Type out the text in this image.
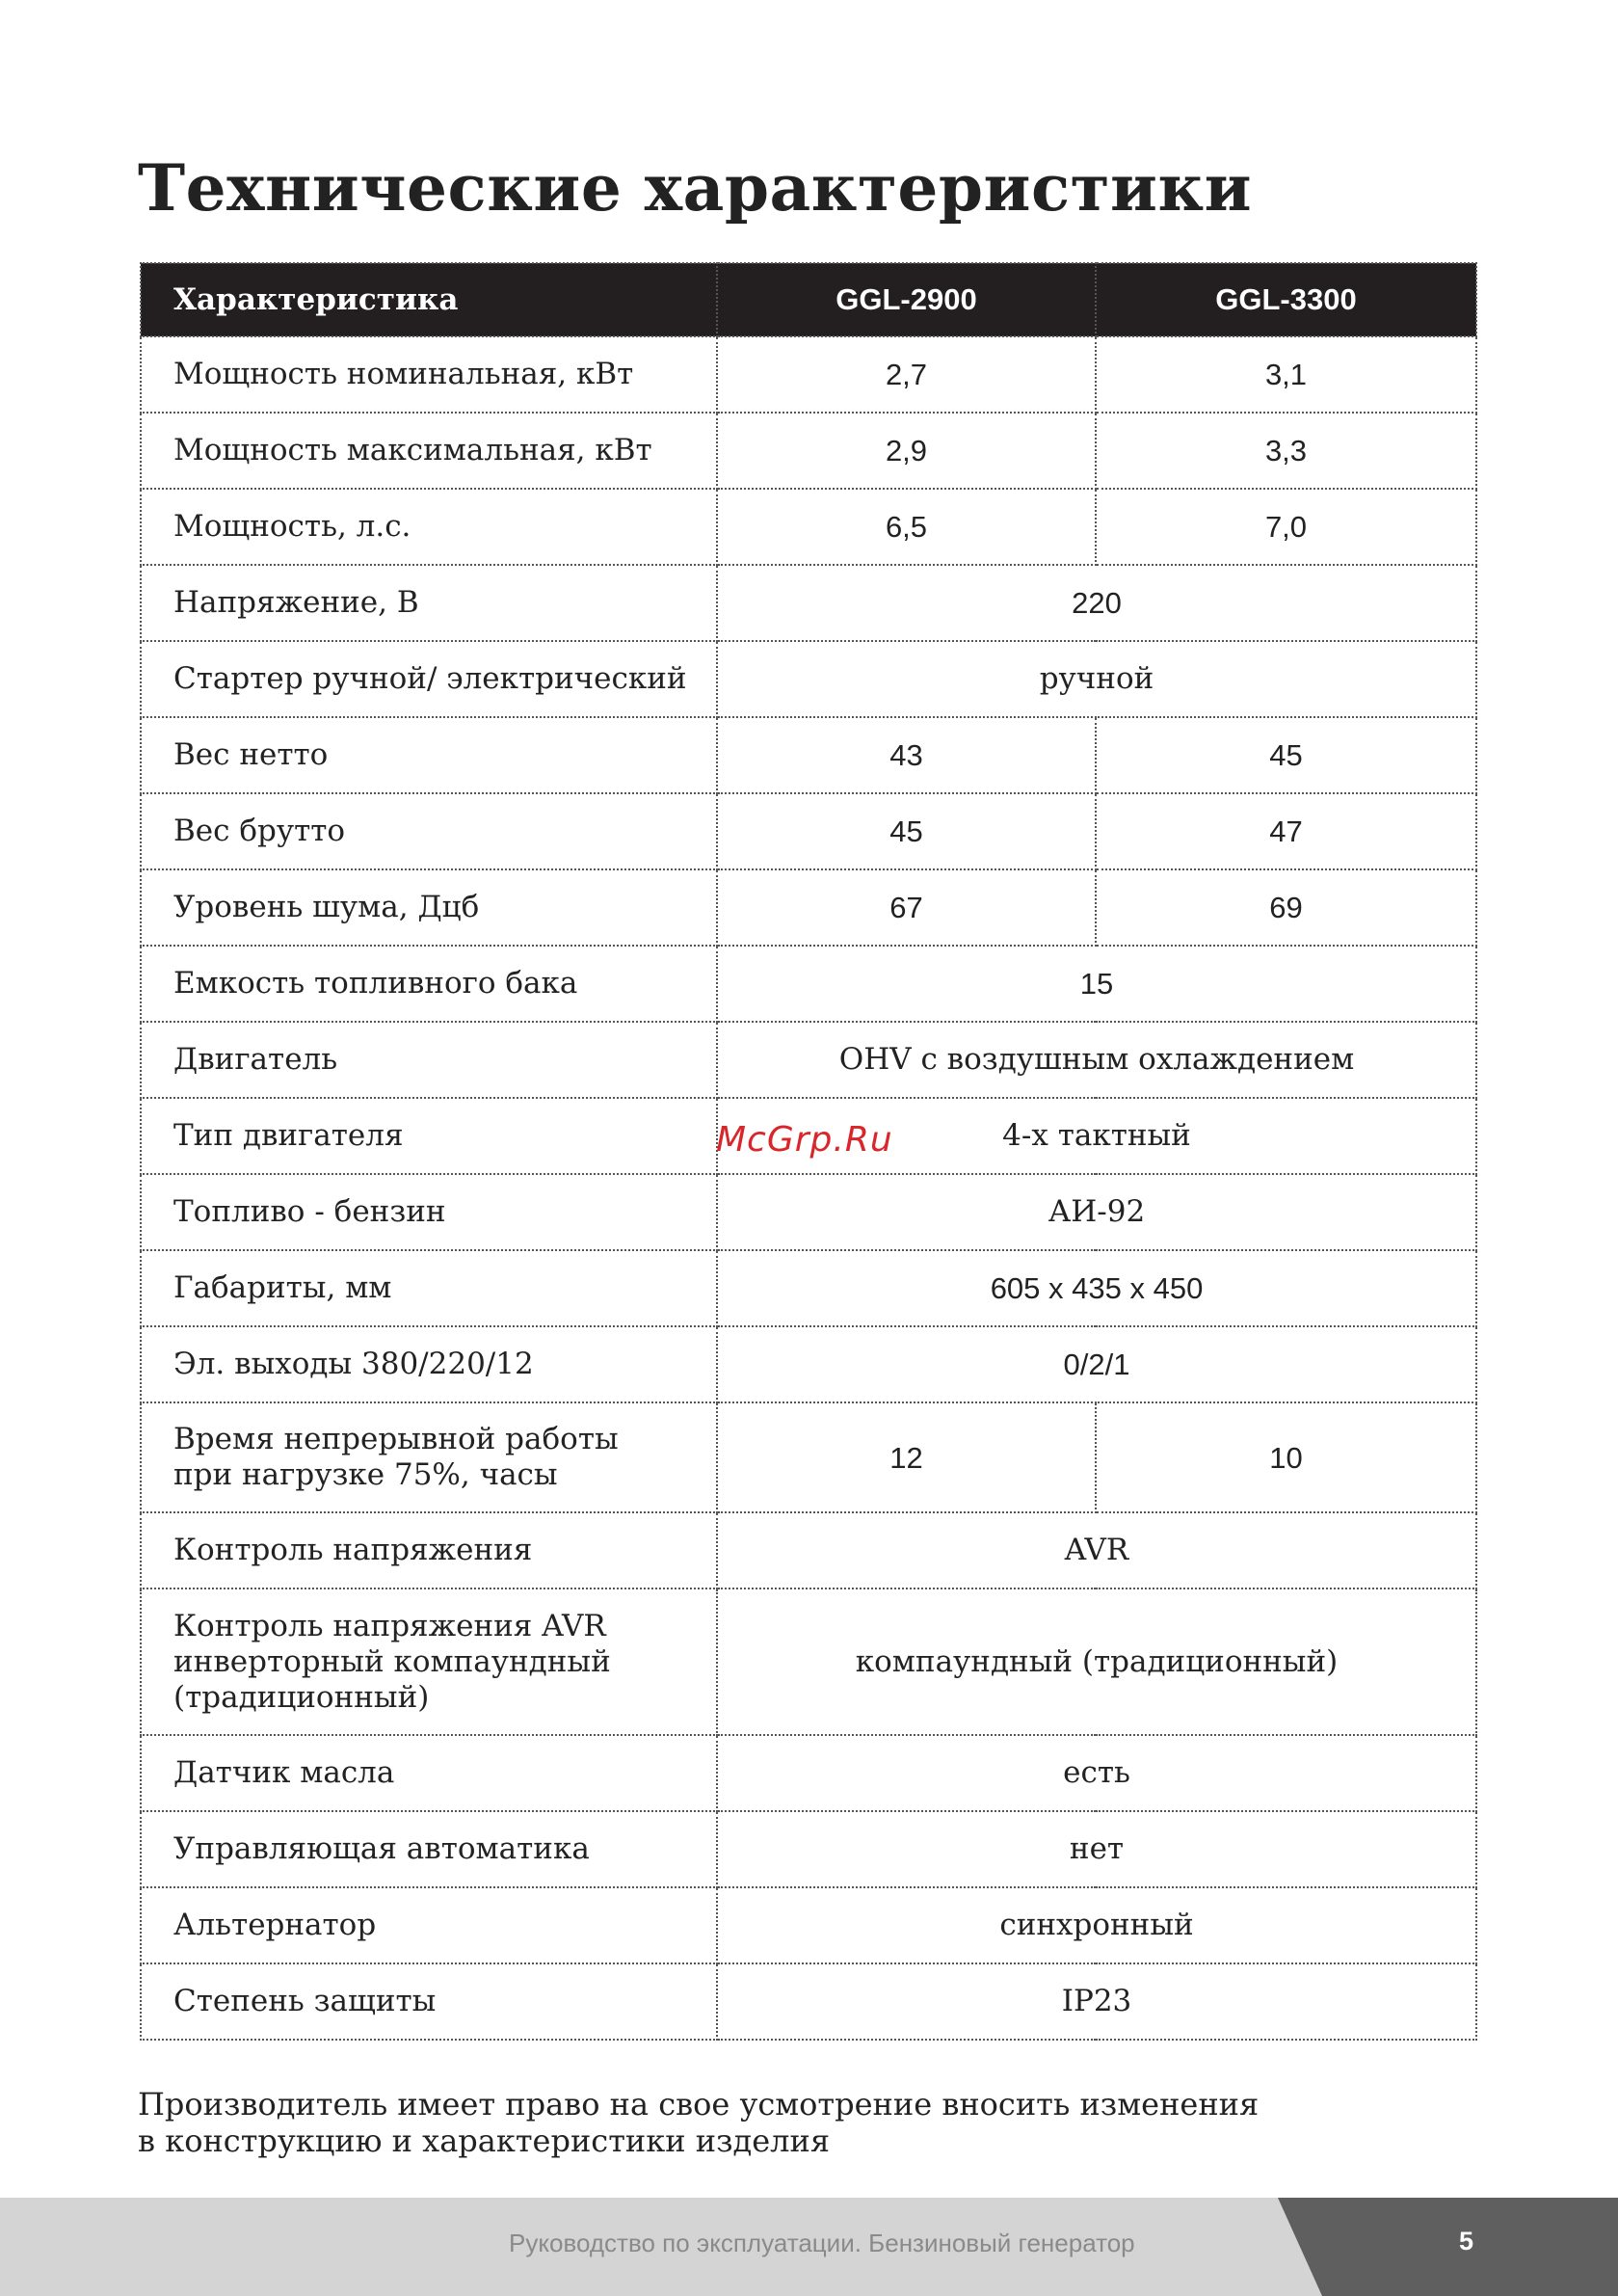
Технические характеристики
Характеристика	GGL-2900	GGL-3300
Мощность номинальная, кВт	2,7	3,1
Мощность максимальная, кВт	2,9	3,3
Мощность, л.с.	6,5	7,0
Напряжение, В	220	
Стартер ручной/ электрический	ручной	
Вес нетто	43	45
Вес брутто	45	47
Уровень шума, Дцб	67	69
Емкость топливного бака	15	
Двигатель	OHV с воздушным охлаждением	
Тип двигателя	4-х тактный	
Топливо - бензин	АИ-92	
Габариты, мм	605 х 435 х 450	
Эл. выходы 380/220/12	0/2/1	

Время непрерывной работы
при нагрузке 75%, часы	12	10
Контроль напряжения	AVR	

Контроль напряжения AVR
инверторный компаундный
(традиционный)	компаундный (традиционный)	
Датчик масла	есть	
Управляющая автоматика	нет	
Альтернатор	синхронный	
Степень защиты	IP23	
McGrp.Ru
Производитель имеет право на свое усмотрение вносить изменения
в конструкцию и характеристики изделия
Руководство по эксплуатации. Бензиновый генератор	5
